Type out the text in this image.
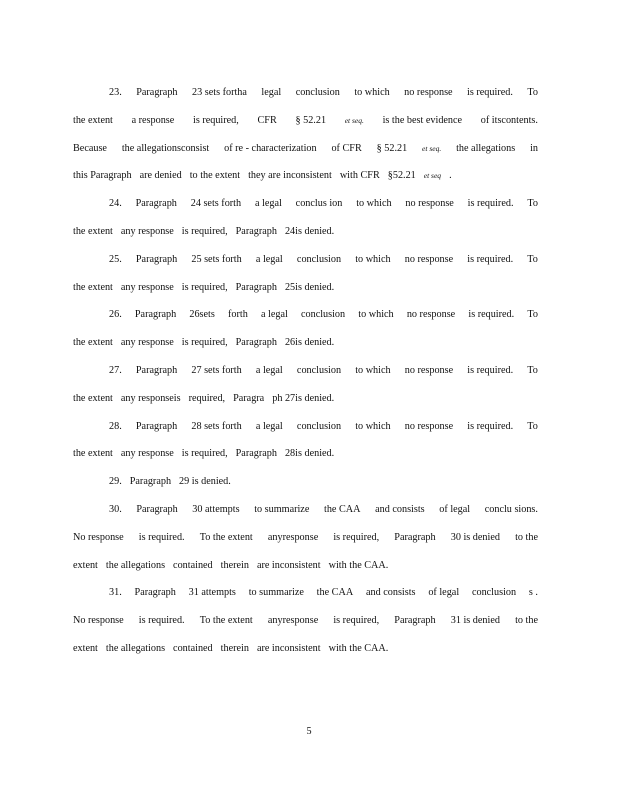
23. Paragraph 23 sets fortha legal conclusion to which no response is required. To
the extent a response is required, CFR § 52.21 et seq. is the best evidence of itscontents.
Because the allegationsconsist of re - characterization of CFR § 52.21 et seq. the allegations in
this Paragraph are denied to the extent they are inconsistent with CFR §52.21 et seq .
24. Paragraph 24 sets forth a legal conclus ion to which no response is required. To
the extent any response is required, Paragraph 24is denied.
25. Paragraph 25 sets forth a legal conclusion to which no response is required. To
the extent any response is required, Paragraph 25is denied.
26. Paragraph 26sets forth a legal conclusion to which no response is required. To
the extent any response is required, Paragraph 26is denied.
27. Paragraph 27 sets forth a legal conclusion to which no response is required. To
the extent any responseis required, Paragra ph 27is denied.
28. Paragraph 28 sets forth a legal conclusion to which no response is required. To
the extent any response is required, Paragraph 28is denied.
29. Paragraph 29 is denied.
30. Paragraph 30 attempts to summarize the CAA and consists of legal conclu sions.
No response is required. To the extent anyresponse is required, Paragraph 30 is denied to the
extent the allegations contained therein are inconsistent with the CAA.
31. Paragraph 31 attempts to summarize the CAA and consists of legal conclusion s .
No response is required. To the extent anyresponse is required, Paragraph 31 is denied to the
extent the allegations contained therein are inconsistent with the CAA.
5
